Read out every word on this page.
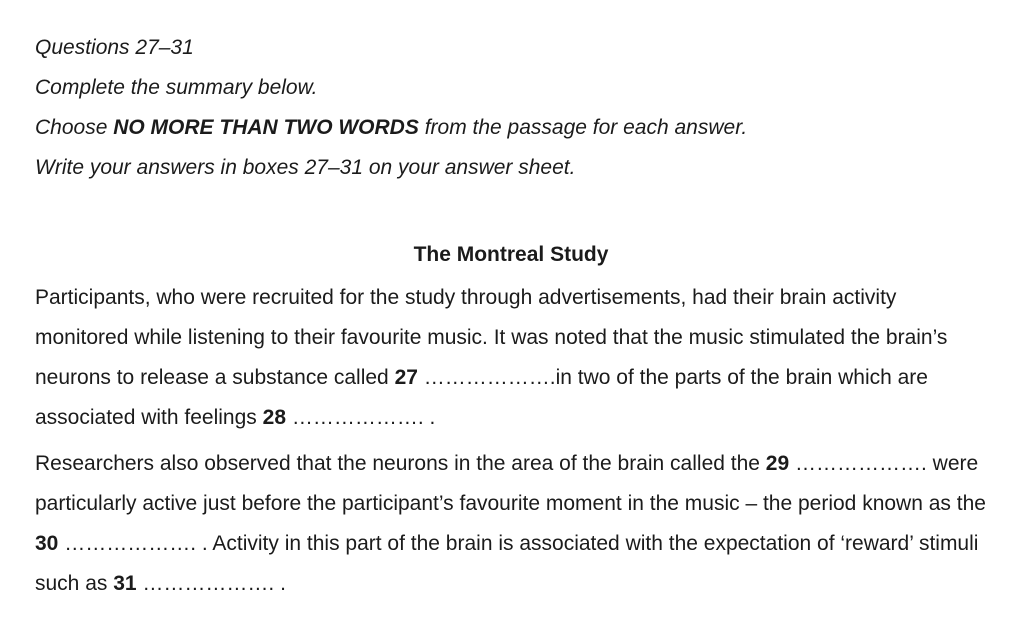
Questions 27–31

Complete the summary below.

Choose NO MORE THAN TWO WORDS from the passage for each answer.

Write your answers in boxes 27–31 on your answer sheet.

The Montreal Study

Participants, who were recruited for the study through advertisements, had their brain activity monitored while listening to their favourite music. It was noted that the music stimulated the brain’s neurons to release a substance called 27 ……………….in two of the parts of the brain which are associated with feelings 28 ………………. .

Researchers also observed that the neurons in the area of the brain called the 29 ………………. were particularly active just before the participant’s favourite moment in the music – the period known as the 30 ………………. . Activity in this part of the brain is associated with the expectation of ‘reward’ stimuli such as 31 ………………. .
